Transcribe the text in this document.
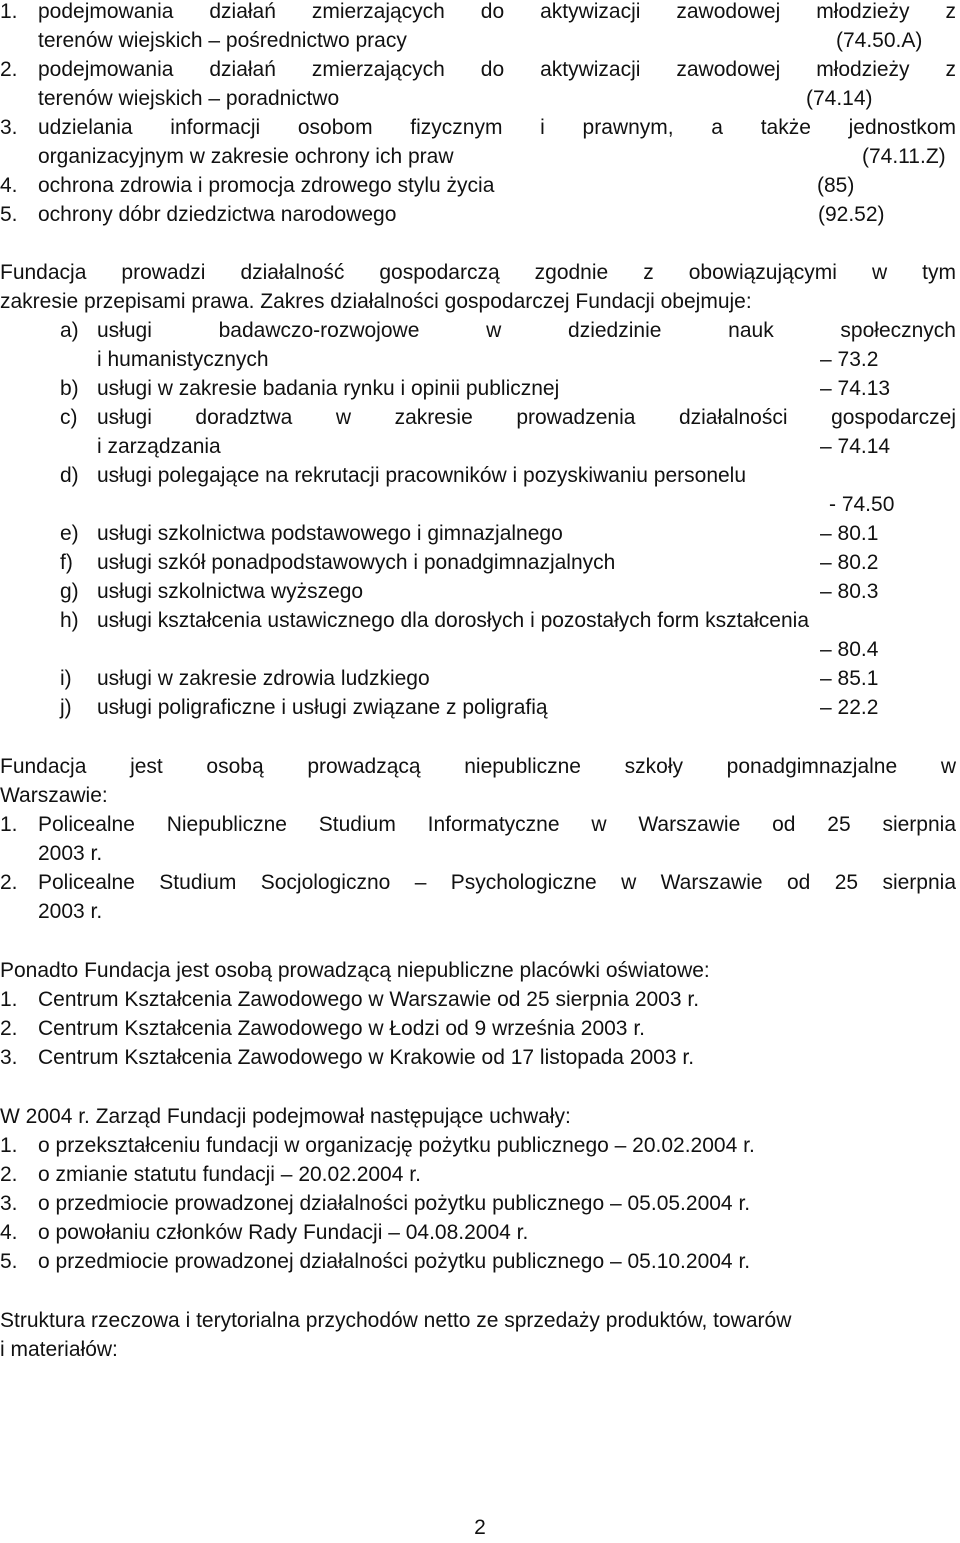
1. podejmowania działań zmierzających do aktywizacji zawodowej młodzieży z
terenów wiejskich – pośrednictwo pracy	(74.50.A)
2. podejmowania działań zmierzających do aktywizacji zawodowej młodzieży z
terenów wiejskich – poradnictwo	(74.14)
3. udzielania informacji osobom fizycznym i prawnym, a także jednostkom
organizacyjnym w zakresie ochrony ich praw	(74.11.Z)
4. ochrona zdrowia i promocja zdrowego stylu życia	(85)
5. ochrony dóbr dziedzictwa narodowego	(92.52)
Fundacja prowadzi działalność gospodarczą zgodnie z obowiązującymi w tym
zakresie przepisami prawa. Zakres działalności gospodarczej Fundacji obejmuje:
a) usługi badawczo-rozwojowe w dziedzinie nauk społecznych
i humanistycznych	– 73.2
b) usługi w zakresie badania rynku i opinii publicznej	– 74.13
c) usługi doradztwa w zakresie prowadzenia działalności gospodarczej
i zarządzania	– 74.14
d) usługi polegające na rekrutacji pracowników i pozyskiwaniu personelu
- 74.50
e) usługi szkolnictwa podstawowego i gimnazjalnego	– 80.1
f) usługi szkół ponadpodstawowych i ponadgimnazjalnych	– 80.2
g) usługi szkolnictwa wyższego	– 80.3
h) usługi kształcenia ustawicznego dla dorosłych i pozostałych form kształcenia
– 80.4
i) usługi w zakresie zdrowia ludzkiego	– 85.1
j) usługi poligraficzne i usługi związane z poligrafią	– 22.2
Fundacja jest osobą prowadzącą niepubliczne szkoły ponadgimnazjalne w
Warszawie:
1. Policealne Niepubliczne Studium Informatyczne w Warszawie od 25 sierpnia
2003 r.
2. Policealne Studium Socjologiczno – Psychologiczne w Warszawie od 25 sierpnia
2003 r.
Ponadto Fundacja jest osobą prowadzącą niepubliczne placówki oświatowe:
1. Centrum Kształcenia Zawodowego w Warszawie od 25 sierpnia 2003 r.
2. Centrum Kształcenia Zawodowego w Łodzi od 9 września 2003 r.
3. Centrum Kształcenia Zawodowego w Krakowie od 17 listopada 2003 r.
W 2004 r. Zarząd Fundacji podejmował następujące uchwały:
1. o przekształceniu fundacji w organizację pożytku publicznego – 20.02.2004 r.
2. o zmianie statutu fundacji – 20.02.2004 r.
3. o przedmiocie prowadzonej działalności pożytku publicznego – 05.05.2004 r.
4. o powołaniu członków Rady Fundacji – 04.08.2004 r.
5. o przedmiocie prowadzonej działalności pożytku publicznego – 05.10.2004 r.
Struktura rzeczowa i terytorialna przychodów netto ze sprzedaży produktów, towarów
i materiałów:
2
